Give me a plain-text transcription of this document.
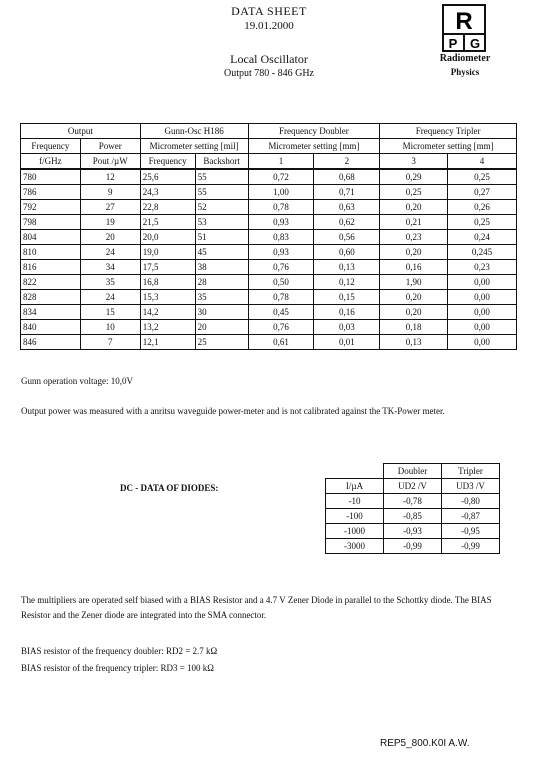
DATA SHEET
19.01.2000
Local Oscillator
Output 780 - 846 GHz
R
P G
Radiometer
Physics
Output		Gunn-Osc H186		Frequency Doubler		Frequency Tripler	
Frequency	Power	Micrometer setting [mil]		Micrometer setting [mm]		Micrometer setting [mm]	
f/GHz	Pout /µW	Frequency	Backshort	1	2	3	4
780	12	25,6	55	0,72	0,68	0,29	0,25
786	9	24,3	55	1,00	0,71	0,25	0,27
792	27	22,8	52	0,78	0,63	0,20	0,26
798	19	21,5	53	0,93	0,62	0,21	0,25
804	20	20,0	51	0,83	0,56	0,23	0,24
810	24	19,0	45	0,93	0,60	0,20	0,245
816	34	17,5	38	0,76	0,13	0,16	0,23
822	35	16,8	28	0,50	0,12	1,90	0,00
828	24	15,3	35	0,78	0,15	0,20	0,00
834	15	14,2	30	0,45	0,16	0,20	0,00
840	10	13,2	20	0,76	0,03	0,18	0,00
846	7	12,1	25	0,61	0,01	0,13	0,00
Gunn operation voltage: 10,0V
Output power was measured with a anritsu waveguide power-meter and is not calibrated against the TK-Power meter.
DC - DATA OF DIODES:
	Doubler	Tripler
I/µA	UD2 /V	UD3 /V
-10	-0,78	-0,80
-100	-0,85	-0,87
-1000	-0,93	-0,95
-3000	-0,99	-0,99
The multipliers are operated self biased with a BIAS Resistor and a 4.7 V Zener Diode in parallel to the Schottky diode. The BIAS Resistor and the Zener diode are integrated into the SMA connector.
BIAS resistor of the frequency doubler: RD2 = 2.7 kΩ
BIAS resistor of the frequency tripler: RD3 = 100 kΩ
REP5_800.K0I A.W.
